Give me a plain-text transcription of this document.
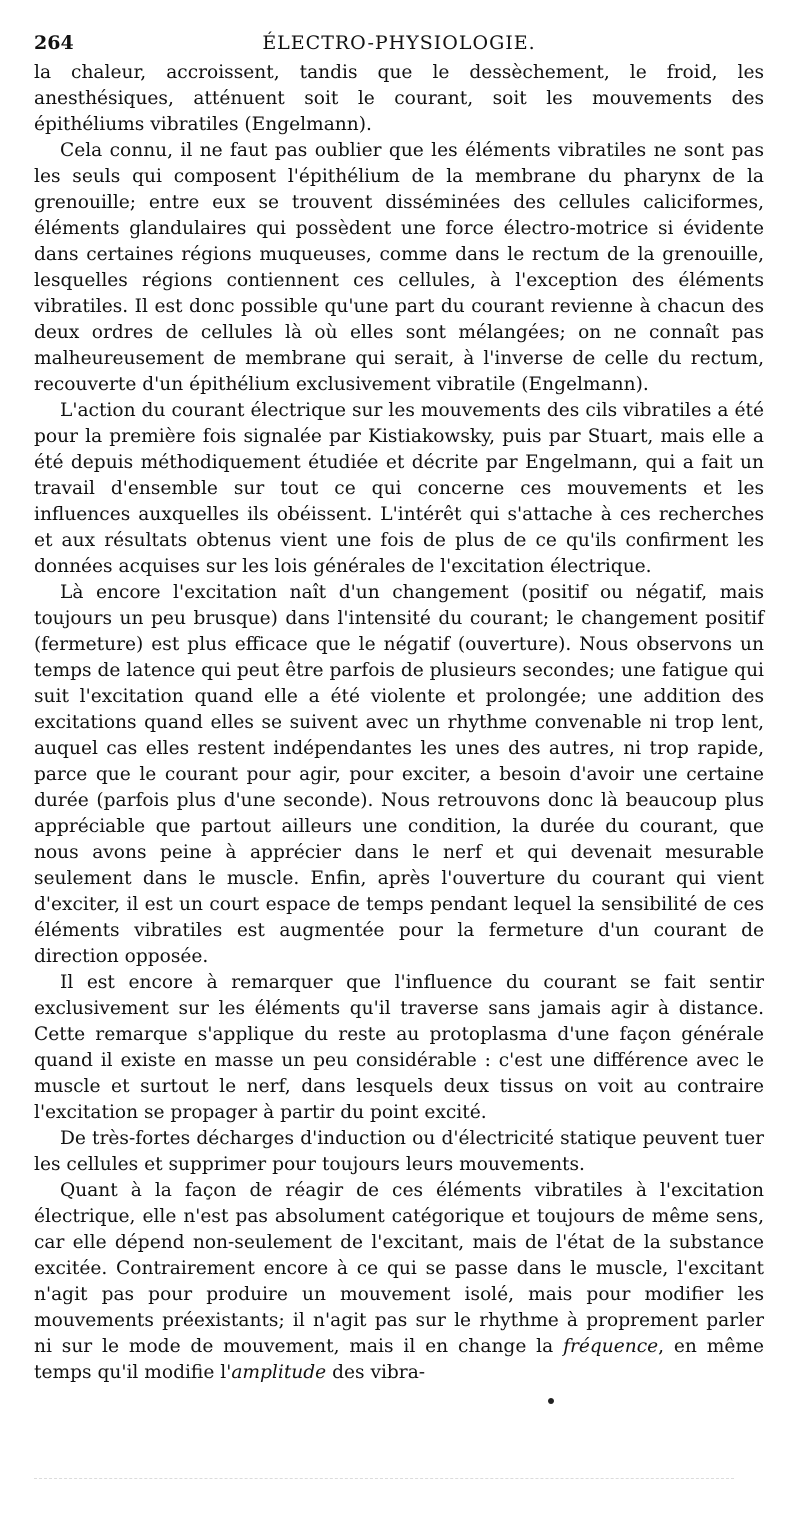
264	ÉLECTRO-PHYSIOLOGIE.

la chaleur, accroissent, tandis que le dessèchement, le froid, les anesthésiques, atténuent soit le courant, soit les mouvements des épithéliums vibratiles (Engelmann).

Cela connu, il ne faut pas oublier que les éléments vibratiles ne sont pas les seuls qui composent l'épithélium de la membrane du pharynx de la grenouille; entre eux se trouvent disséminées des cellules caliciformes, éléments glandulaires qui possèdent une force électro-motrice si évidente dans certaines régions muqueuses, comme dans le rectum de la grenouille, lesquelles régions contiennent ces cellules, à l'exception des éléments vibratiles. Il est donc possible qu'une part du courant revienne à chacun des deux ordres de cellules là où elles sont mélangées; on ne connaît pas malheureusement de membrane qui serait, à l'inverse de celle du rectum, recouverte d'un épithélium exclusivement vibratile (Engelmann).

L'action du courant électrique sur les mouvements des cils vibratiles a été pour la première fois signalée par Kistiakowsky, puis par Stuart, mais elle a été depuis méthodiquement étudiée et décrite par Engelmann, qui a fait un travail d'ensemble sur tout ce qui concerne ces mouvements et les influences auxquelles ils obéissent. L'intérêt qui s'attache à ces recherches et aux résultats obtenus vient une fois de plus de ce qu'ils confirment les données acquises sur les lois générales de l'excitation électrique.

Là encore l'excitation naît d'un changement (positif ou négatif, mais toujours un peu brusque) dans l'intensité du courant; le changement positif (fermeture) est plus efficace que le négatif (ouverture). Nous observons un temps de latence qui peut être parfois de plusieurs secondes; une fatigue qui suit l'excitation quand elle a été violente et prolongée; une addition des excitations quand elles se suivent avec un rhythme convenable ni trop lent, auquel cas elles restent indépendantes les unes des autres, ni trop rapide, parce que le courant pour agir, pour exciter, a besoin d'avoir une certaine durée (parfois plus d'une seconde). Nous retrouvons donc là beaucoup plus appréciable que partout ailleurs une condition, la durée du courant, que nous avons peine à apprécier dans le nerf et qui devenait mesurable seulement dans le muscle. Enfin, après l'ouverture du courant qui vient d'exciter, il est un court espace de temps pendant lequel la sensibilité de ces éléments vibratiles est augmentée pour la fermeture d'un courant de direction opposée.

Il est encore à remarquer que l'influence du courant se fait sentir exclusivement sur les éléments qu'il traverse sans jamais agir à distance. Cette remarque s'applique du reste au protoplasma d'une façon générale quand il existe en masse un peu considérable : c'est une différence avec le muscle et surtout le nerf, dans lesquels deux tissus on voit au contraire l'excitation se propager à partir du point excité.

De très-fortes décharges d'induction ou d'électricité statique peuvent tuer les cellules et supprimer pour toujours leurs mouvements.

Quant à la façon de réagir de ces éléments vibratiles à l'excitation électrique, elle n'est pas absolument catégorique et toujours de même sens, car elle dépend non-seulement de l'excitant, mais de l'état de la substance excitée. Contrairement encore à ce qui se passe dans le muscle, l'excitant n'agit pas pour produire un mouvement isolé, mais pour modifier les mouvements préexistants; il n'agit pas sur le rhythme à proprement parler ni sur le mode de mouvement, mais il en change la fréquence, en même temps qu'il modifie l'amplitude des vibra-
